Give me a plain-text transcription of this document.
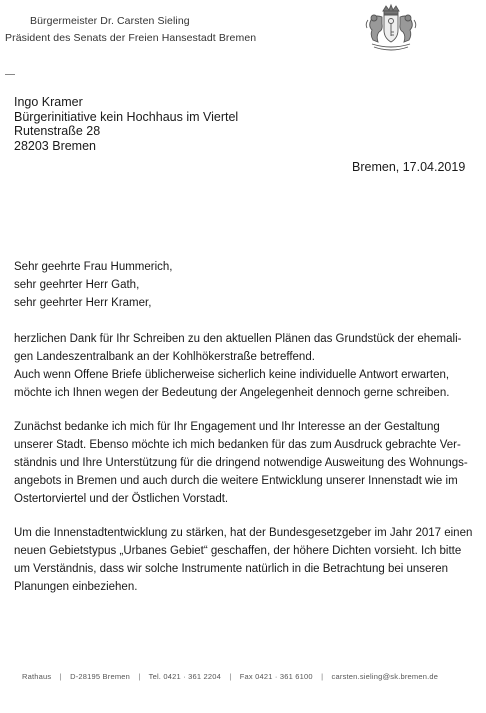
Bürgermeister Dr. Carsten Sieling
Präsident des Senats der Freien Hansestadt Bremen
Ingo Kramer
Bürgerinitiative kein Hochhaus im Viertel
Rutenstraße 28
28203 Bremen
Bremen, 17.04.2019
Sehr geehrte Frau Hummerich,
sehr geehrter Herr Gath,
sehr geehrter Herr Kramer,
herzlichen Dank für Ihr Schreiben zu den aktuellen Plänen das Grundstück der ehemali-
gen Landeszentralbank an der Kohlhökerstraße betreffend.
Auch wenn Offene Briefe üblicherweise sicherlich keine individuelle Antwort erwarten,
möchte ich Ihnen wegen der Bedeutung der Angelegenheit dennoch gerne schreiben.
Zunächst bedanke ich mich für Ihr Engagement und Ihr Interesse an der Gestaltung
unserer Stadt. Ebenso möchte ich mich bedanken für das zum Ausdruck gebrachte Ver-
ständnis und Ihre Unterstützung für die dringend notwendige Ausweitung des Wohnungs-
angebots in Bremen und auch durch die weitere Entwicklung unserer Innenstadt wie im
Ostertorviertel und der Östlichen Vorstadt.
Um die Innenstadtentwicklung zu stärken, hat der Bundesgesetzgeber im Jahr 2017 einen
neuen Gebietstypus „Urbanes Gebiet“ geschaffen, der höhere Dichten vorsieht. Ich bitte
um Verständnis, dass wir solche Instrumente natürlich in die Betrachtung bei unseren
Planungen einbeziehen.
Rathaus | D-28195 Bremen | Tel. 0421 · 361 2204 | Fax 0421 · 361 6100 | carsten.sieling@sk.bremen.de
